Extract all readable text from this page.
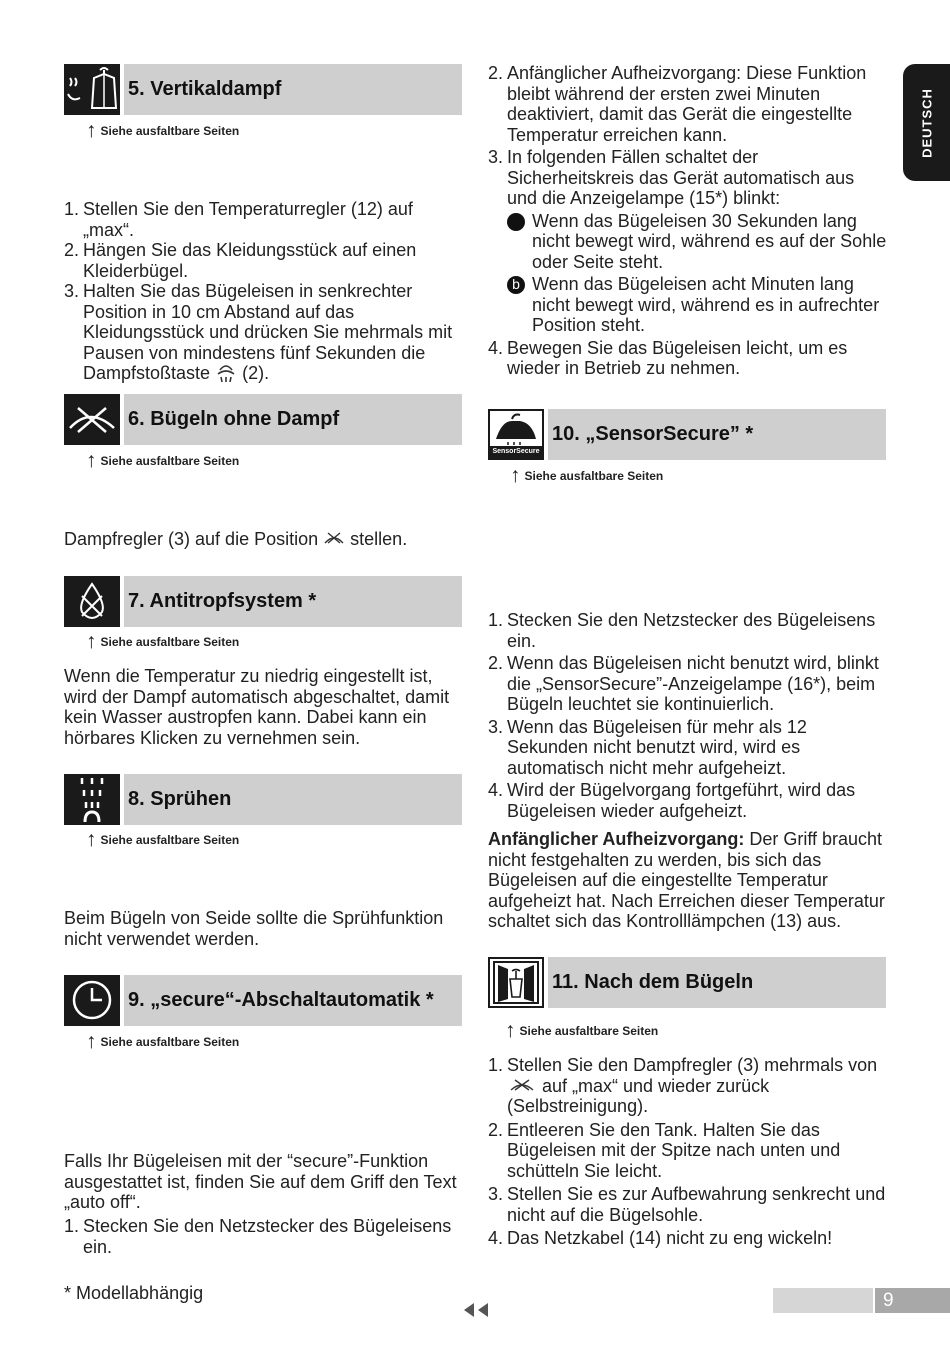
DEUTSCH
5. Vertikaldampf
↑ Siehe ausfaltbare Seiten
1. Stellen Sie den Temperaturregler (12) auf „max“.
2. Hängen Sie das Kleidungsstück auf einen Kleiderbügel.
3. Halten Sie das Bügeleisen in senkrechter Position in 10 cm Abstand auf das Kleidungsstück und drücken Sie mehrmals mit Pausen von mindestens fünf Sekunden die Dampfstoßtaste (2).
6. Bügeln ohne Dampf
↑ Siehe ausfaltbare Seiten
Dampfregler (3) auf die Position stellen.
7. Antitropfsystem *
↑ Siehe ausfaltbare Seiten
Wenn die Temperatur zu niedrig eingestellt ist, wird der Dampf automatisch abgeschaltet, damit kein Wasser austropfen kann. Dabei kann ein hörbares Klicken zu vernehmen sein.
8. Sprühen
↑ Siehe ausfaltbare Seiten
Beim Bügeln von Seide sollte die Sprühfunktion nicht verwendet werden.
9. „secure“-Abschaltautomatik *
↑ Siehe ausfaltbare Seiten
Falls Ihr Bügeleisen mit der “secure”-Funktion ausgestattet ist, finden Sie auf dem Griff den Text „auto off“.
1. Stecken Sie den Netzstecker des Bügeleisens ein.
* Modellabhängig
2. Anfänglicher Aufheizvorgang: Diese Funktion bleibt während der ersten zwei Minuten deaktiviert, damit das Gerät die eingestellte Temperatur erreichen kann.
3. In folgenden Fällen schaltet der Sicherheitskreis das Gerät automatisch aus und die Anzeigelampe (15*) blinkt:
Wenn das Bügeleisen 30 Sekunden lang nicht bewegt wird, während es auf der Sohle oder Seite steht.
b Wenn das Bügeleisen acht Minuten lang nicht bewegt wird, während es in aufrechter Position steht.
4. Bewegen Sie das Bügeleisen leicht, um es wieder in Betrieb zu nehmen.
SensorSecure
10. „SensorSecure” *
↑ Siehe ausfaltbare Seiten
1. Stecken Sie den Netzstecker des Bügeleisens ein.
2. Wenn das Bügeleisen nicht benutzt wird, blinkt die „SensorSecure”-Anzeigelampe (16*), beim Bügeln leuchtet sie kontinuierlich.
3. Wenn das Bügeleisen für mehr als 12 Sekunden nicht benutzt wird, wird es automatisch nicht mehr aufgeheizt.
4. Wird der Bügelvorgang fortgeführt, wird das Bügeleisen wieder aufgeheizt.
Anfänglicher Aufheizvorgang: Der Griff braucht nicht festgehalten zu werden, bis sich das Bügeleisen auf die eingestellte Temperatur aufgeheizt hat. Nach Erreichen dieser Temperatur schaltet sich das Kontrolllämpchen (13) aus.
11. Nach dem Bügeln
↑ Siehe ausfaltbare Seiten
1. Stellen Sie den Dampfregler (3) mehrmals von  auf „max“ und wieder zurück (Selbstreinigung).
2. Entleeren Sie den Tank. Halten Sie das Bügeleisen mit der Spitze nach unten und schütteln Sie leicht.
3. Stellen Sie es zur Aufbewahrung senkrecht und nicht auf die Bügelsohle.
4. Das Netzkabel (14) nicht zu eng wickeln!
9
